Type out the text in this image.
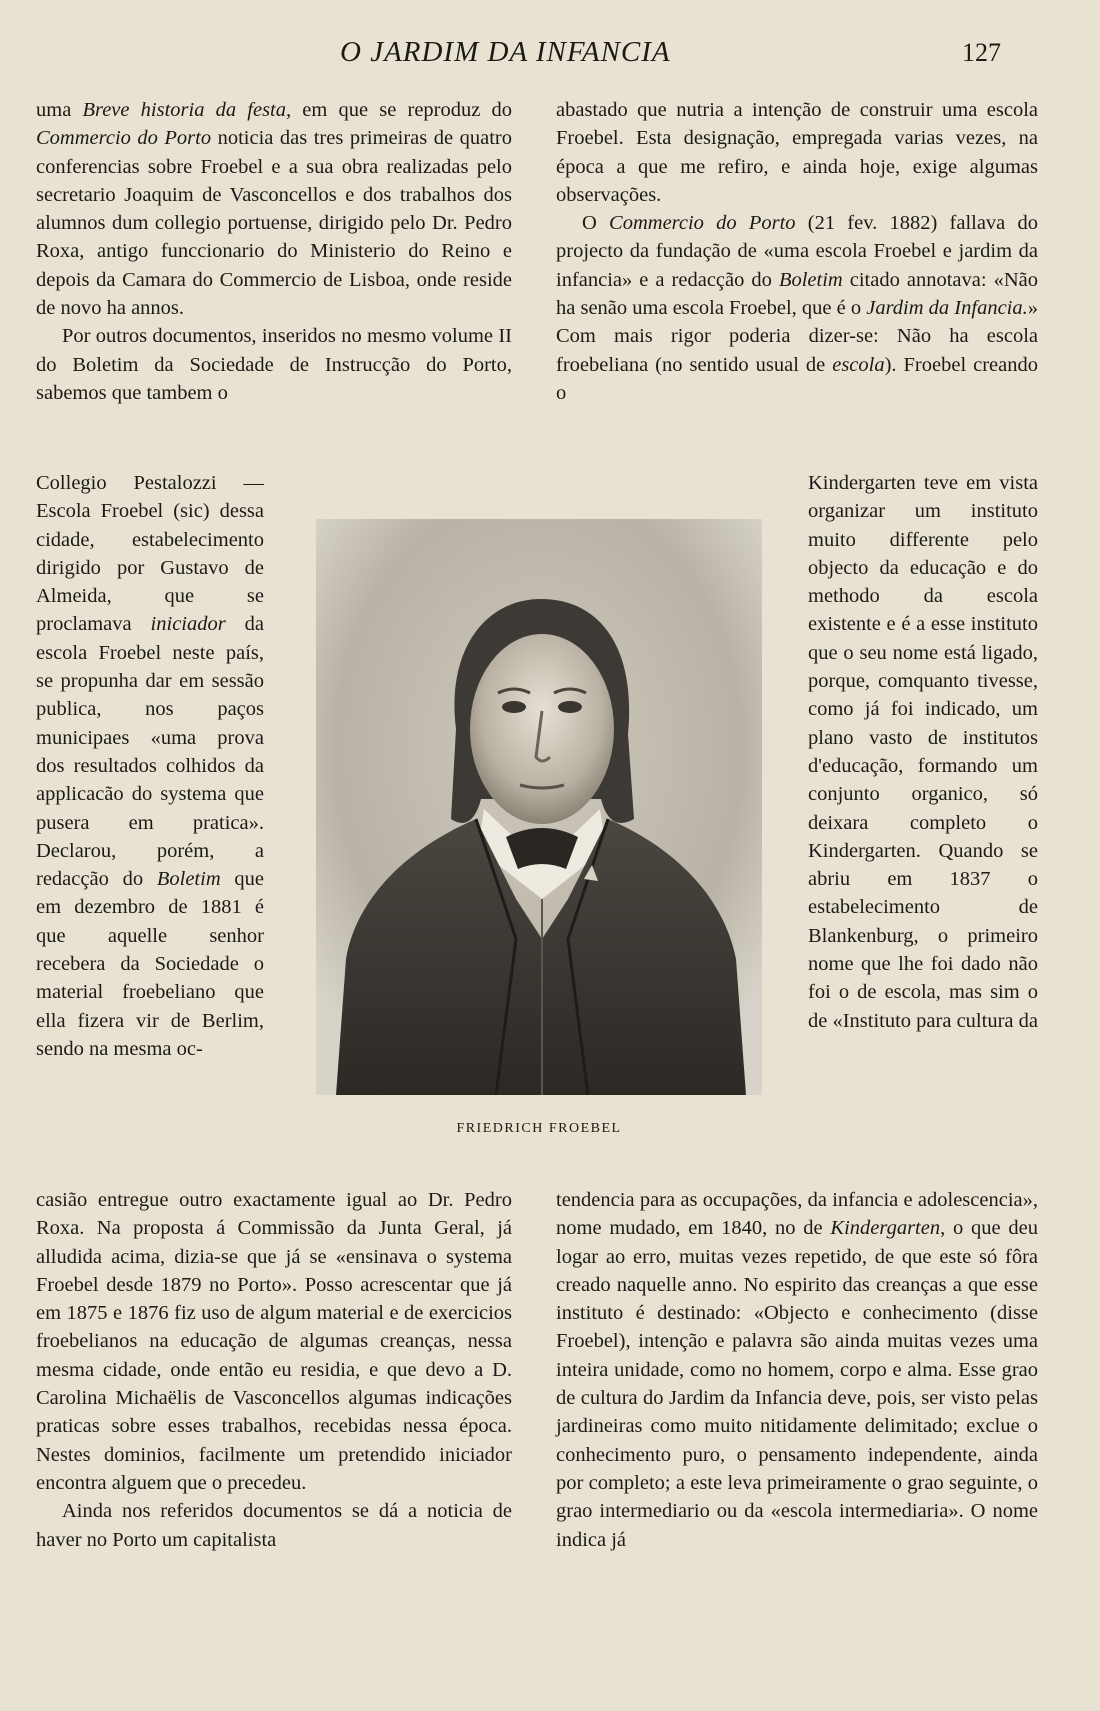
O JARDIM DA INFANCIA	127

uma Breve historia da festa, em que se reproduz do Commercio do Porto noticia das tres primeiras de quatro conferencias sobre Froebel e a sua obra realizadas pelo secretario Joaquim de Vasconcellos e dos trabalhos dos alumnos dum collegio portuense, dirigido pelo Dr. Pedro Roxa, antigo funccionario do Ministerio do Reino e depois da Camara do Commercio de Lisboa, onde reside de novo ha annos.

Por outros documentos, inseridos no mesmo volume II do Boletim da Sociedade de Instrucção do Porto, sabemos que tambem o

Collegio Pestalozzi —Escola Froebel (sic) dessa cidade, estabelecimento dirigido por Gustavo de Almeida, que se proclamava iniciador da escola Froebel neste país, se propunha dar em sessão publica, nos paços municipaes «uma prova dos resultados colhidos da applicacão do systema que pusera em pratica». Declarou, porém, a redacção do Boletim que em dezembro de 1881 é que aquelle senhor recebera da Sociedade o material froebeliano que ella fizera vir de Berlim, sendo na mesma oc-

casião entregue outro exactamente igual ao Dr. Pedro Roxa. Na proposta á Commissão da Junta Geral, já alludida acima, dizia-se que já se «ensinava o systema Froebel desde 1879 no Porto». Posso acrescentar que já em 1875 e 1876 fiz uso de algum material e de exercicios froebelianos na educação de algumas creanças, nessa mesma cidade, onde então eu residia, e que devo a D. Carolina Michaëlis de Vasconcellos algumas indicações praticas sobre esses trabalhos, recebidas nessa época. Nestes dominios, facilmente um pretendido iniciador encontra alguem que o precedeu.

Ainda nos referidos documentos se dá a noticia de haver no Porto um capitalista

abastado que nutria a intenção de construir uma escola Froebel. Esta designação, empregada varias vezes, na época a que me refiro, e ainda hoje, exige algumas observações.

O Commercio do Porto (21 fev. 1882) fallava do projecto da fundação de «uma escola Froebel e jardim da infancia» e a redacção do Boletim citado annotava: «Não ha senão uma escola Froebel, que é o Jardim da Infancia.» Com mais rigor poderia dizer-se: Não ha escola froebeliana (no sentido usual de escola). Froebel creando o

Kindergarten teve em vista organizar um instituto muito differente pelo objecto da educação e do methodo da escola existente e é a esse instituto que o seu nome está ligado, porque, comquanto tivesse, como já foi indicado, um plano vasto de institutos d'educação, formando um conjunto organico, só deixara completo o Kindergarten. Quando se abriu em 1837 o estabelecimento de Blankenburg, o primeiro nome que lhe foi dado não foi o de escola, mas sim o de «Instituto para cultura da

tendencia para as occupações, da infancia e adolescencia», nome mudado, em 1840, no de Kindergarten, o que deu logar ao erro, muitas vezes repetido, de que este só fôra creado naquelle anno. No espirito das creanças a que esse instituto é destinado: «Objecto e conhecimento (disse Froebel), intenção e palavra são ainda muitas vezes uma inteira unidade, como no homem, corpo e alma. Esse grao de cultura do Jardim da Infancia deve, pois, ser visto pelas jardineiras como muito nitidamente delimitado; exclue o conhecimento puro, o pensamento independente, ainda por completo; a este leva primeiramente o grao seguinte, o grao intermediario ou da «escola intermediaria». O nome indica já

FRIEDRICH FROEBEL
